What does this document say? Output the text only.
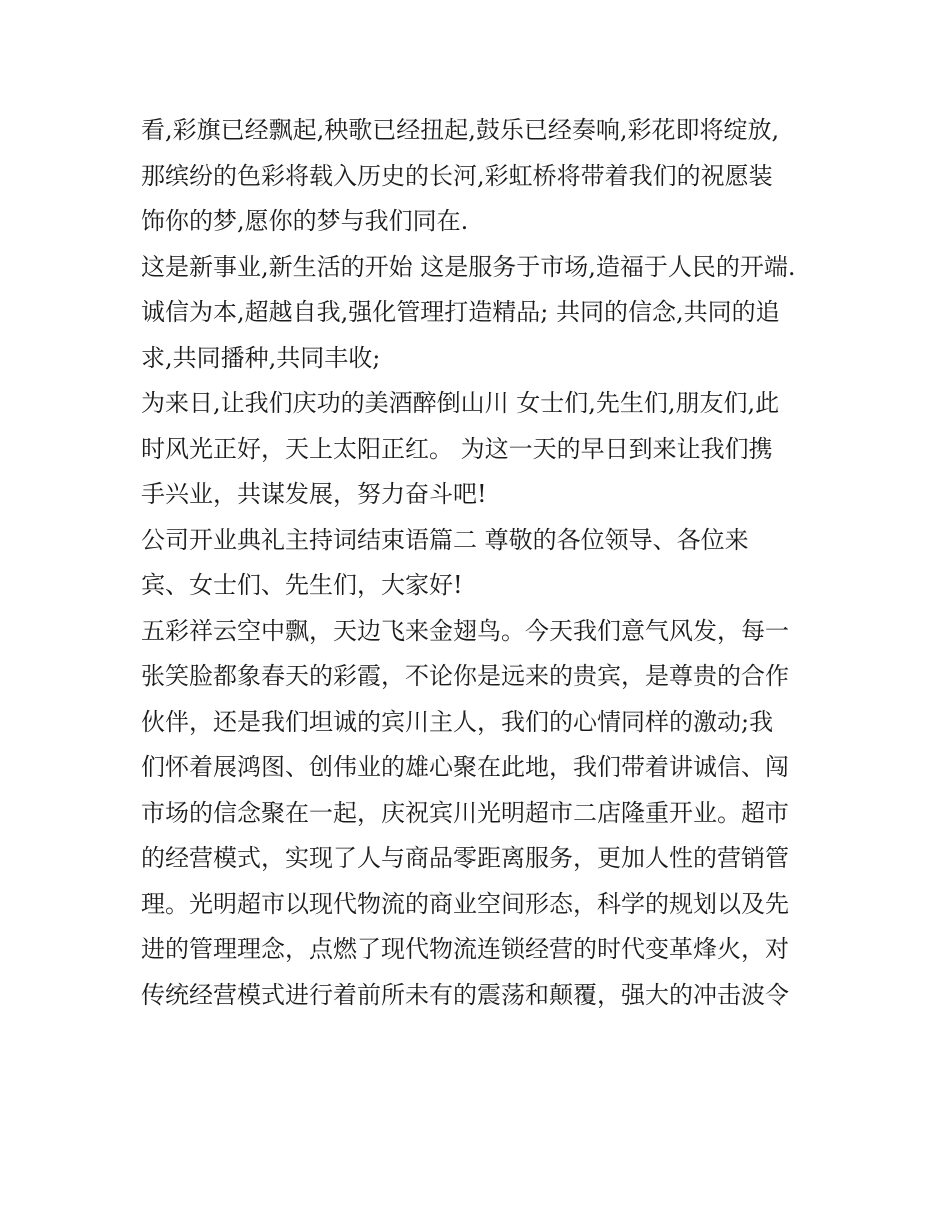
看,彩旗已经飘起,秧歌已经扭起,鼓乐已经奏响,彩花即将绽放,
那缤纷的色彩将载入历史的长河,彩虹桥将带着我们的祝愿装
饰你的梦,愿你的梦与我们同在.
这是新事业,新生活的开始 这是服务于市场,造福于人民的开端.
诚信为本,超越自我,强化管理打造精品; 共同的信念,共同的追
求,共同播种,共同丰收;
为来日,让我们庆功的美酒醉倒山川 女士们,先生们,朋友们,此
时风光正好，天上太阳正红。 为这一天的早日到来让我们携
手兴业，共谋发展，努力奋斗吧!
公司开业典礼主持词结束语篇二 尊敬的各位领导、各位来
宾、女士们、先生们，大家好!
五彩祥云空中飘，天边飞来金翅鸟。今天我们意气风发，每一
张笑脸都象春天的彩霞，不论你是远来的贵宾，是尊贵的合作
伙伴，还是我们坦诚的宾川主人，我们的心情同样的激动;我
们怀着展鸿图、创伟业的雄心聚在此地，我们带着讲诚信、闯
市场的信念聚在一起，庆祝宾川光明超市二店隆重开业。超市
的经营模式，实现了人与商品零距离服务，更加人性的营销管
理。光明超市以现代物流的商业空间形态，科学的规划以及先
进的管理理念，点燃了现代物流连锁经营的时代变革烽火，对
传统经营模式进行着前所未有的震荡和颠覆，强大的冲击波令
